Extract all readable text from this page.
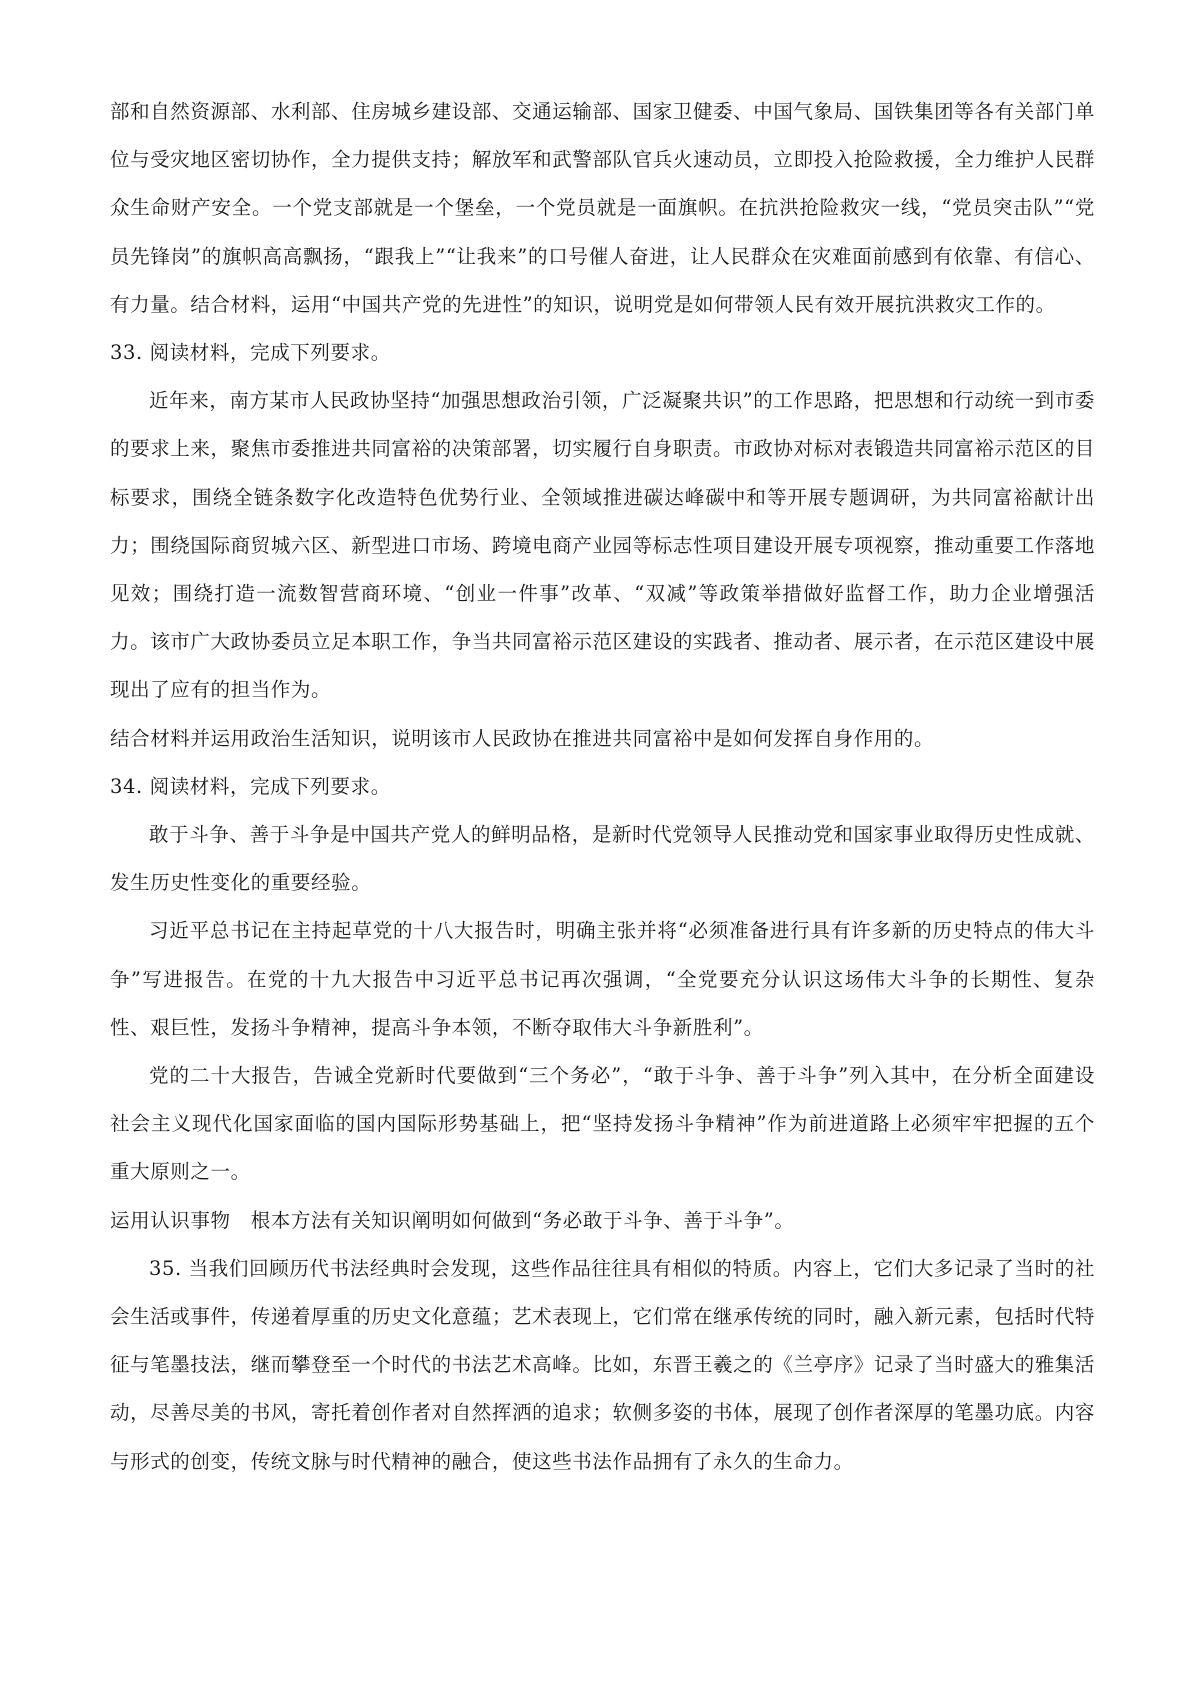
部和自然资源部、水利部、住房城乡建设部、交通运输部、国家卫健委、中国气象局、国铁集团等各有关部门单位与受灾地区密切协作，全力提供支持；解放军和武警部队官兵火速动员，立即投入抢险救援，全力维护人民群众生命财产安全。一个党支部就是一个堡垒，一个党员就是一面旗帜。在抗洪抢险救灾一线，“党员突击队”“党员先锋岗”的旗帜高高飘扬，“跟我上”“让我来”的口号催人奋进，让人民群众在灾难面前感到有依靠、有信心、有力量。结合材料，运用“中国共产党的先进性”的知识，说明党是如何带领人民有效开展抗洪救灾工作的。

33. 阅读材料，完成下列要求。

近年来，南方某市人民政协坚持“加强思想政治引领，广泛凝聚共识”的工作思路，把思想和行动统一到市委的要求上来，聚焦市委推进共同富裕的决策部署，切实履行自身职责。市政协对标对表锻造共同富裕示范区的目标要求，围绕全链条数字化改造特色优势行业、全领域推进碳达峰碳中和等开展专题调研，为共同富裕献计出力；围绕国际商贸城六区、新型进口市场、跨境电商产业园等标志性项目建设开展专项视察，推动重要工作落地见效；围绕打造一流数智营商环境、“创业一件事”改革、“双减”等政策举措做好监督工作，助力企业增强活力。该市广大政协委员立足本职工作，争当共同富裕示范区建设的实践者、推动者、展示者，在示范区建设中展现出了应有的担当作为。

结合材料并运用政治生活知识，说明该市人民政协在推进共同富裕中是如何发挥自身作用的。

34. 阅读材料，完成下列要求。

敢于斗争、善于斗争是中国共产党人的鲜明品格，是新时代党领导人民推动党和国家事业取得历史性成就、发生历史性变化的重要经验。

习近平总书记在主持起草党的十八大报告时，明确主张并将“必须准备进行具有许多新的历史特点的伟大斗争”写进报告。在党的十九大报告中习近平总书记再次强调，“全党要充分认识这场伟大斗争的长期性、复杂性、艰巨性，发扬斗争精神，提高斗争本领，不断夺取伟大斗争新胜利”。

党的二十大报告，告诫全党新时代要做到“三个务必”，“敢于斗争、善于斗争”列入其中，在分析全面建设社会主义现代化国家面临的国内国际形势基础上，把“坚持发扬斗争精神”作为前进道路上必须牢牢把握的五个重大原则之一。

运用认识事物　根本方法有关知识阐明如何做到“务必敢于斗争、善于斗争”。

35. 当我们回顾历代书法经典时会发现，这些作品往往具有相似的特质。内容上，它们大多记录了当时的社会生活或事件，传递着厚重的历史文化意蕴；艺术表现上，它们常在继承传统的同时，融入新元素，包括时代特征与笔墨技法，继而攀登至一个时代的书法艺术高峰。比如，东晋王羲之的《兰亭序》记录了当时盛大的雅集活动，尽善尽美的书风，寄托着创作者对自然挥洒的追求；软侧多姿的书体，展现了创作者深厚的笔墨功底。内容与形式的创变，传统文脉与时代精神的融合，使这些书法作品拥有了永久的生命力。
